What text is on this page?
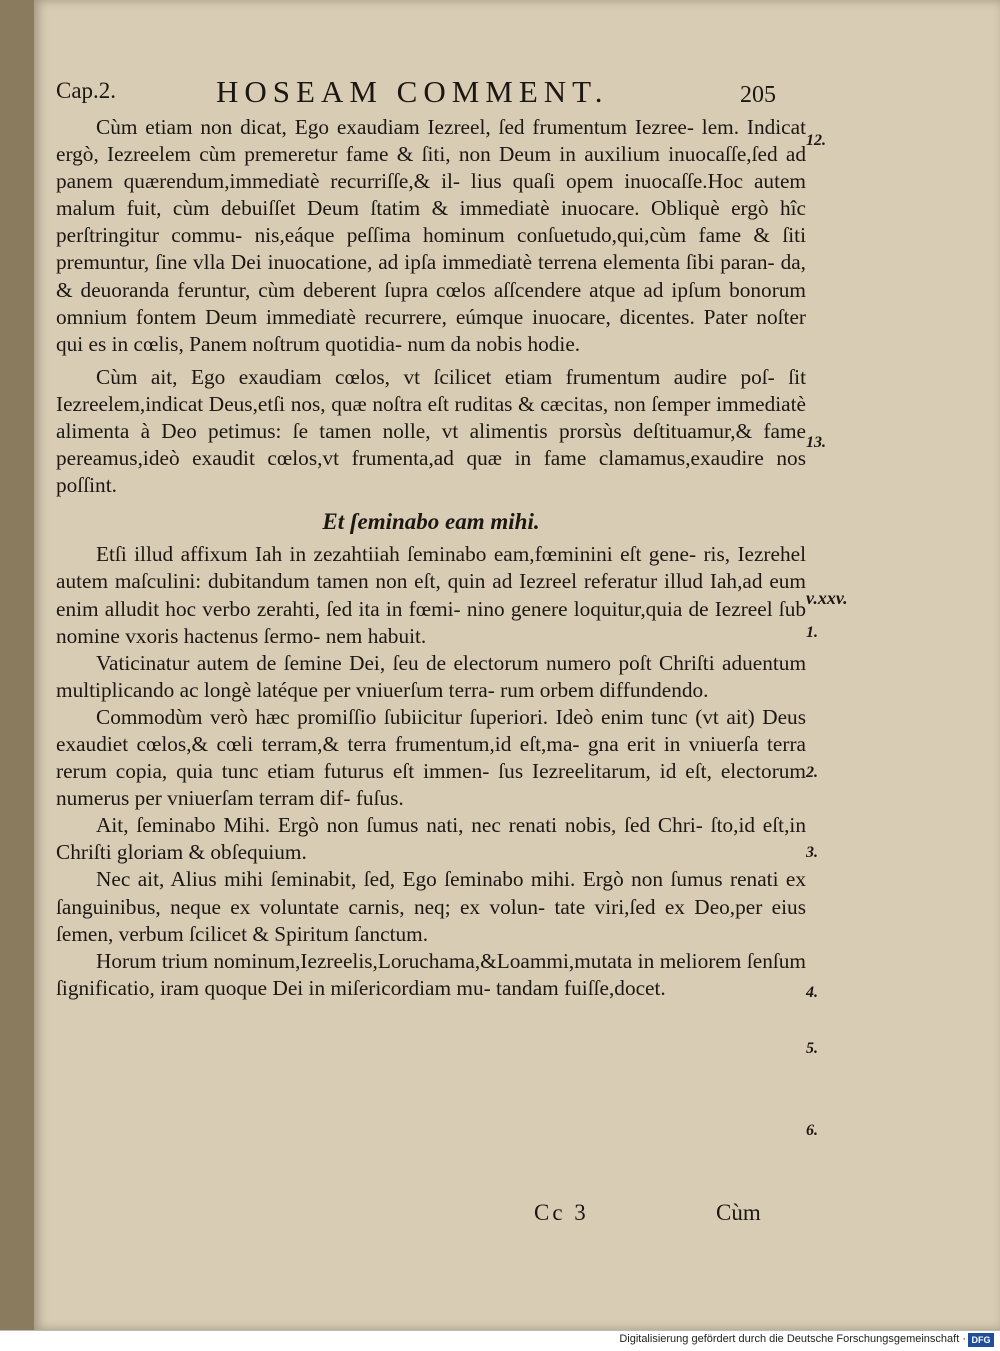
Cap.2.	HOSEAM COMMENT.	205

Cùm etiam non dicat, Ego exaudiam Iezreel, ſed frumentum Iezree- lem. Indicat ergò, Iezreelem cùm premeretur fame & ſiti, non Deum in auxilium inuocaſſe,ſed ad panem quærendum,immediatè recurriſſe,& il- lius quaſi opem inuocaſſe.Hoc autem malum fuit, cùm debuiſſet Deum ſtatim & immediatè inuocare. Obliquè ergò hîc perſtringitur commu- nis,eáque peſſima hominum conſuetudo,qui,cùm fame & ſiti premuntur, ſine vlla Dei inuocatione, ad ipſa immediatè terrena elementa ſibi paran- da, & deuoranda feruntur, cùm deberent ſupra cœlos aſſcendere atque ad ipſum bonorum omnium fontem Deum immediatè recurrere, eúmque inuocare, dicentes. Pater noſter qui es in cœlis, Panem noſtrum quotidia- num da nobis hodie.

Cùm ait, Ego exaudiam cœlos, vt ſcilicet etiam frumentum audire poſ- ſit Iezreelem,indicat Deus,etſi nos, quæ noſtra eſt ruditas & cæcitas, non ſemper immediatè alimenta à Deo petimus: ſe tamen nolle, vt alimentis prorsùs deſtituamur,& fame pereamus,ideò exaudit cœlos,vt frumenta,ad quæ in fame clamamus,exaudire nos poſſint.

Et ſeminabo eam mihi.

Etſi illud affixum Iah in zezahtiiah ſeminabo eam,fœminini eſt gene- ris, Iezrehel autem maſculini: dubitandum tamen non eſt, quin ad Iezreel referatur illud Iah,ad eum enim alludit hoc verbo zerahti, ſed ita in fœmi- nino genere loquitur,quia de Iezreel ſub nomine vxoris hactenus ſermo- nem habuit.

Vaticinatur autem de ſemine Dei, ſeu de electorum numero poſt Chriſti aduentum multiplicando ac longè latéque per vniuerſum terra- rum orbem diffundendo.

Commodùm verò hæc promiſſio ſubiicitur ſuperiori. Ideò enim tunc (vt ait) Deus exaudiet cœlos,& cœli terram,& terra frumentum,id eſt,ma- gna erit in vniuerſa terra rerum copia, quia tunc etiam futurus eſt immen- ſus Iezreelitarum, id eſt, electorum numerus per vniuerſam terram dif- fuſus.

Ait, ſeminabo Mihi. Ergò non ſumus nati, nec renati nobis, ſed Chri- ſto,id eſt,in Chriſti gloriam & obſequium.

Nec ait, Alius mihi ſeminabit, ſed, Ego ſeminabo mihi. Ergò non ſumus renati ex ſanguinibus, neque ex voluntate carnis, neq; ex volun- tate viri,ſed ex Deo,per eius ſemen, verbum ſcilicet & Spiritum ſanctum.

Horum trium nominum,Iezreelis,Loruchama,&Loammi,mutata in meliorem ſenſum ſignificatio, iram quoque Dei in miſericordiam mu- tandam fuiſſe,docet.

12.
13.
v.xxv.
1.
2.
3.
4.
5.
6.
Cc 3	Cùm
Digitalisierung gefördert durch die Deutsche Forschungsgemeinschaft · DFG
